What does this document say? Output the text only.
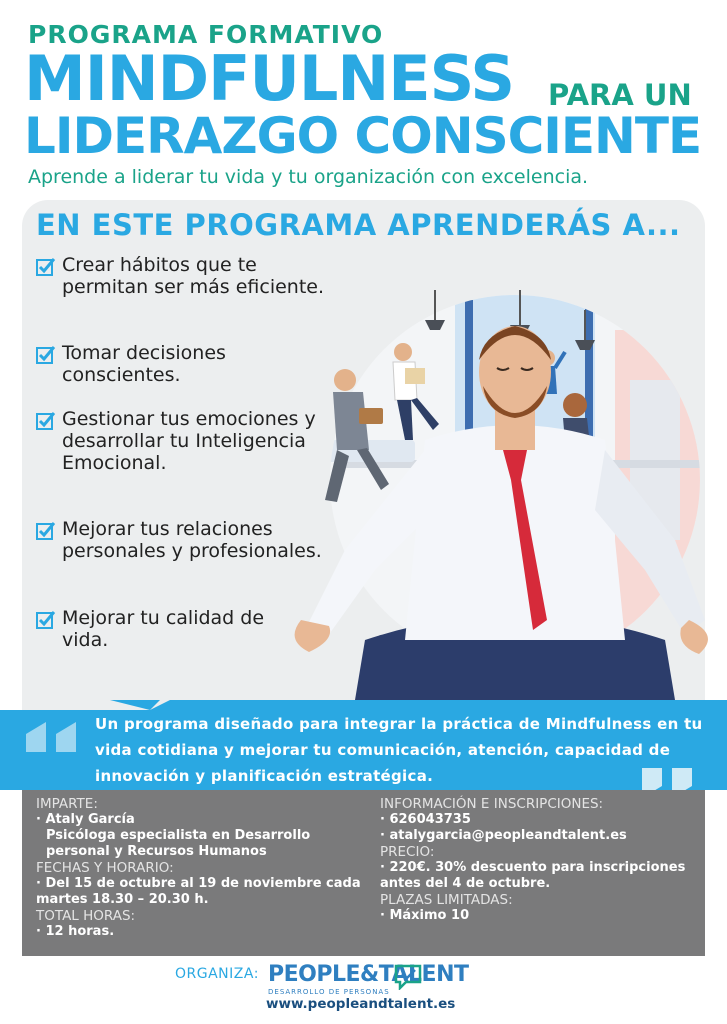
PROGRAMA FORMATIVO
MINDFULNESS PARA UN
LIDERAZGO CONSCIENTE
Aprende a liderar tu vida y tu organización con excelencia.
EN ESTE PROGRAMA APRENDERÁS A...
Crear hábitos que te permitan ser más eficiente.
Tomar decisiones conscientes.
Gestionar tus emociones y desarrollar tu Inteligencia Emocional.
Mejorar tus relaciones personales y profesionales.
Mejorar tu calidad de vida.
Un programa diseñado para integrar la práctica de Mindfulness en tu vida cotidiana y mejorar tu comunicación, atención, capacidad de innovación y planificación estratégica.
IMPARTE:
· Ataly García
Psicóloga especialista en Desarrollo personal y Recursos Humanos
FECHAS Y HORARIO:
· Del 15 de octubre al 19 de noviembre cada martes 18.30 – 20.30 h.
TOTAL HORAS:
· 12 horas.
INFORMACIÓN E INSCRIPCIONES:
· 626043735
· atalygarcia@peopleandtalent.es
PRECIO:
· 220€. 30% descuento para inscripciones antes del 4 de octubre.
PLAZAS LIMITADAS:
· Máximo 10
ORGANIZA: PEOPLE&TALENT
DESARROLLO DE PERSONAS
www.peopleandtalent.es
